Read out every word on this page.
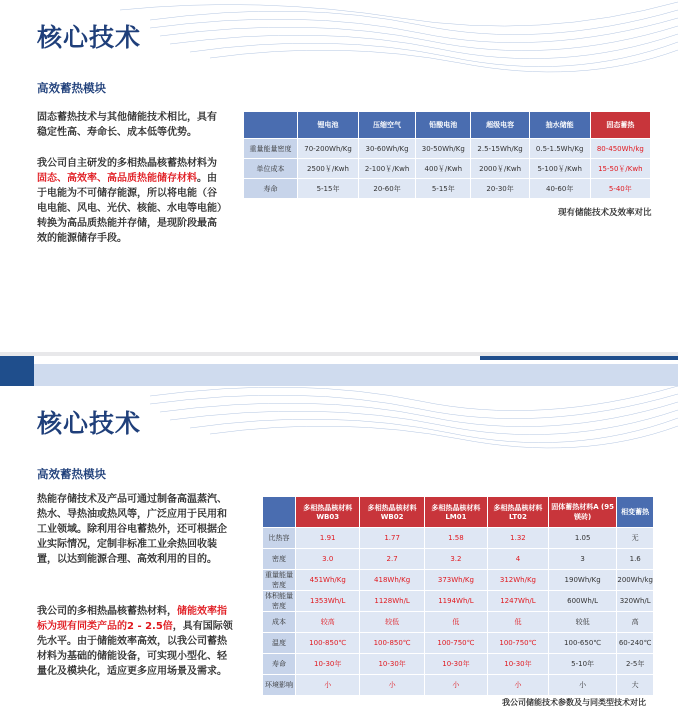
核心技术
高效蓄热模块
固态蓄热技术与其他储能技术相比，具有稳定性高、寿命长、成本低等优势。
我公司自主研发的多相热晶核蓄热材料为固态、高效率、高品质热能储存材料。由于电能为不可储存能源，所以将电能（谷电电能、风电、光伏、核能、水电等电能）转换为高品质热能并存储，是现阶段最高效的能源储存手段。
	锂电池	压缩空气	铅酸电池	超级电容	抽水储能	固态蓄热
重量能量密度	70-200Wh/Kg	30-60Wh/Kg	30-50Wh/Kg	2.5-15Wh/Kg	0.5-1.5Wh/Kg	80-450Wh/kg
单位成本	2500￥/Kwh	2-100￥/Kwh	400￥/Kwh	2000￥/Kwh	5-100￥/Kwh	15-50￥/Kwh
寿命	5-15年	20-60年	5-15年	20-30年	40-60年	5-40年
现有储能技术及效率对比
核心技术
高效蓄热模块
热能存储技术及产品可通过制备高温蒸汽、热水、导热油或热风等，广泛应用于民用和工业领域。除利用谷电蓄热外，还可根据企业实际情况，定制非标准工业余热回收装置，以达到能源合理、高效利用的目的。
我公司的多相热晶核蓄热材料，储能效率指标为现有同类产品的2 - 2.5倍，具有国际领先水平。由于储能效率高效，以我公司蓄热材料为基础的储能设备，可实现小型化、轻量化及模块化，适应更多应用场景及需求。
	多相热晶核材料 WB03	多相热晶核材料 WB02	多相热晶核材料 LM01	多相热晶核材料 LT02	固体蓄热材料A (95镁砖)	相变蓄热
比热容	1.91	1.77	1.58	1.32	1.05	无
密度	3.0	2.7	3.2	4	3	1.6
重量能量密度	451Wh/Kg	418Wh/Kg	373Wh/Kg	312Wh/Kg	190Wh/Kg	200Wh/kg
体积能量密度	1353Wh/L	1128Wh/L	1194Wh/L	1247Wh/L	600Wh/L	320Wh/L
成本	较高	较低	低	低	较低	高
温度	100-850℃	100-850℃	100-750℃	100-750℃	100-650℃	60-240℃
寿命	10-30年	10-30年	10-30年	10-30年	5-10年	2-5年
环境影响	小	小	小	小	小	大
我公司储能技术参数及与同类型技术对比
